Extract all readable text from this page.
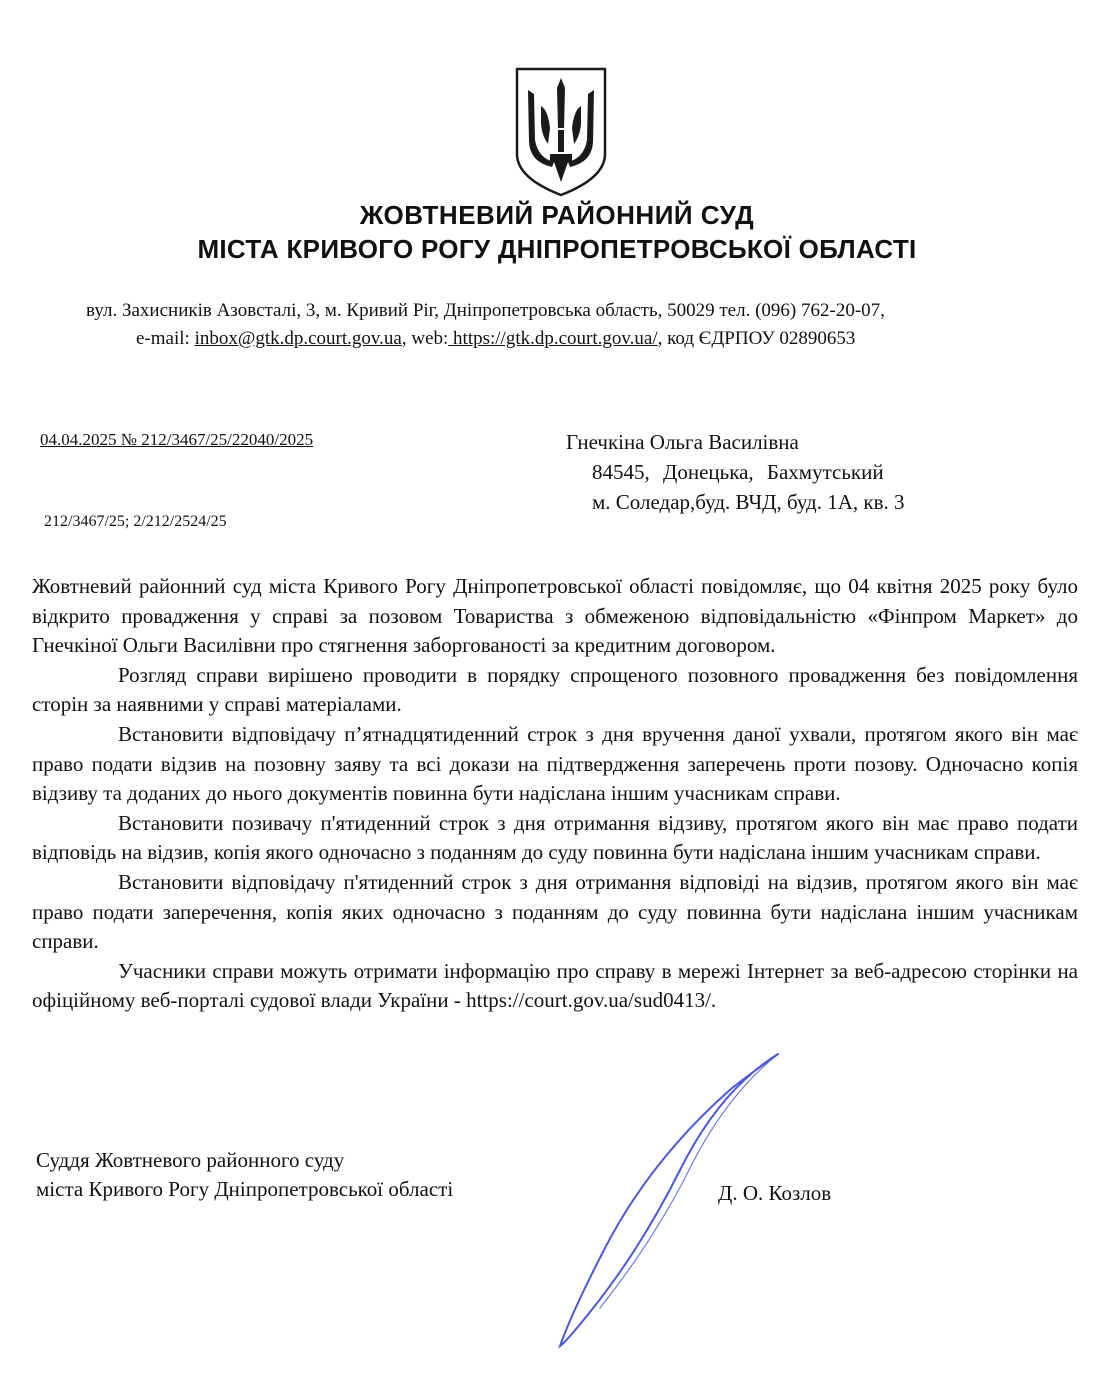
ЖОВТНЕВИЙ РАЙОННИЙ СУД
МІСТА КРИВОГО РОГУ ДНІПРОПЕТРОВСЬКОЇ ОБЛАСТІ
вул. Захисників Азовсталі, 3, м. Кривий Ріг, Дніпропетровська область, 50029 тел. (096) 762-20-07,
e-mail: inbox@gtk.dp.court.gov.ua, web: https://gtk.dp.court.gov.ua/, код ЄДРПОУ 02890653
04.04.2025 № 212/3467/25/22040/2025
212/3467/25; 2/212/2524/25
Гнечкіна Ольга Василівна
84545, Донецька, Бахмутський
м. Соледар,буд. ВЧД, буд. 1А, кв. 3

Жовтневий районний суд міста Кривого Рогу Дніпропетровської області повідомляє, що 04 квітня 2025 року було відкрито провадження у справі за позовом Товариства з обмеженою відповідальністю «Фінпром Маркет» до Гнечкіної Ольги Василівни про стягнення заборгованості за кредитним договором.

Розгляд справи вирішено проводити в порядку спрощеного позовного провадження без повідомлення сторін за наявними у справі матеріалами.

Встановити відповідачу п’ятнадцятиденний строк з дня вручення даної ухвали, протягом якого він має право подати відзив на позовну заяву та всі докази на підтвердження заперечень проти позову. Одночасно копія відзиву та доданих до нього документів повинна бути надіслана іншим учасникам справи.

Встановити позивачу п'ятиденний строк з дня отримання відзиву, протягом якого він має право подати відповідь на відзив, копія якого одночасно з поданням до суду повинна бути надіслана іншим учасникам справи.

Встановити відповідачу п'ятиденний строк з дня отримання відповіді на відзив, протягом якого він має право подати заперечення, копія яких одночасно з поданням до суду повинна бути надіслана іншим учасникам справи.

Учасники справи можуть отримати інформацію про справу в мережі Інтернет за веб-адресою сторінки на офіційному веб-порталі судової влади України - https://court.gov.ua/sud0413/.

Суддя Жовтневого районного суду
міста Кривого Рогу Дніпропетровської області	Д. О. Козлов
